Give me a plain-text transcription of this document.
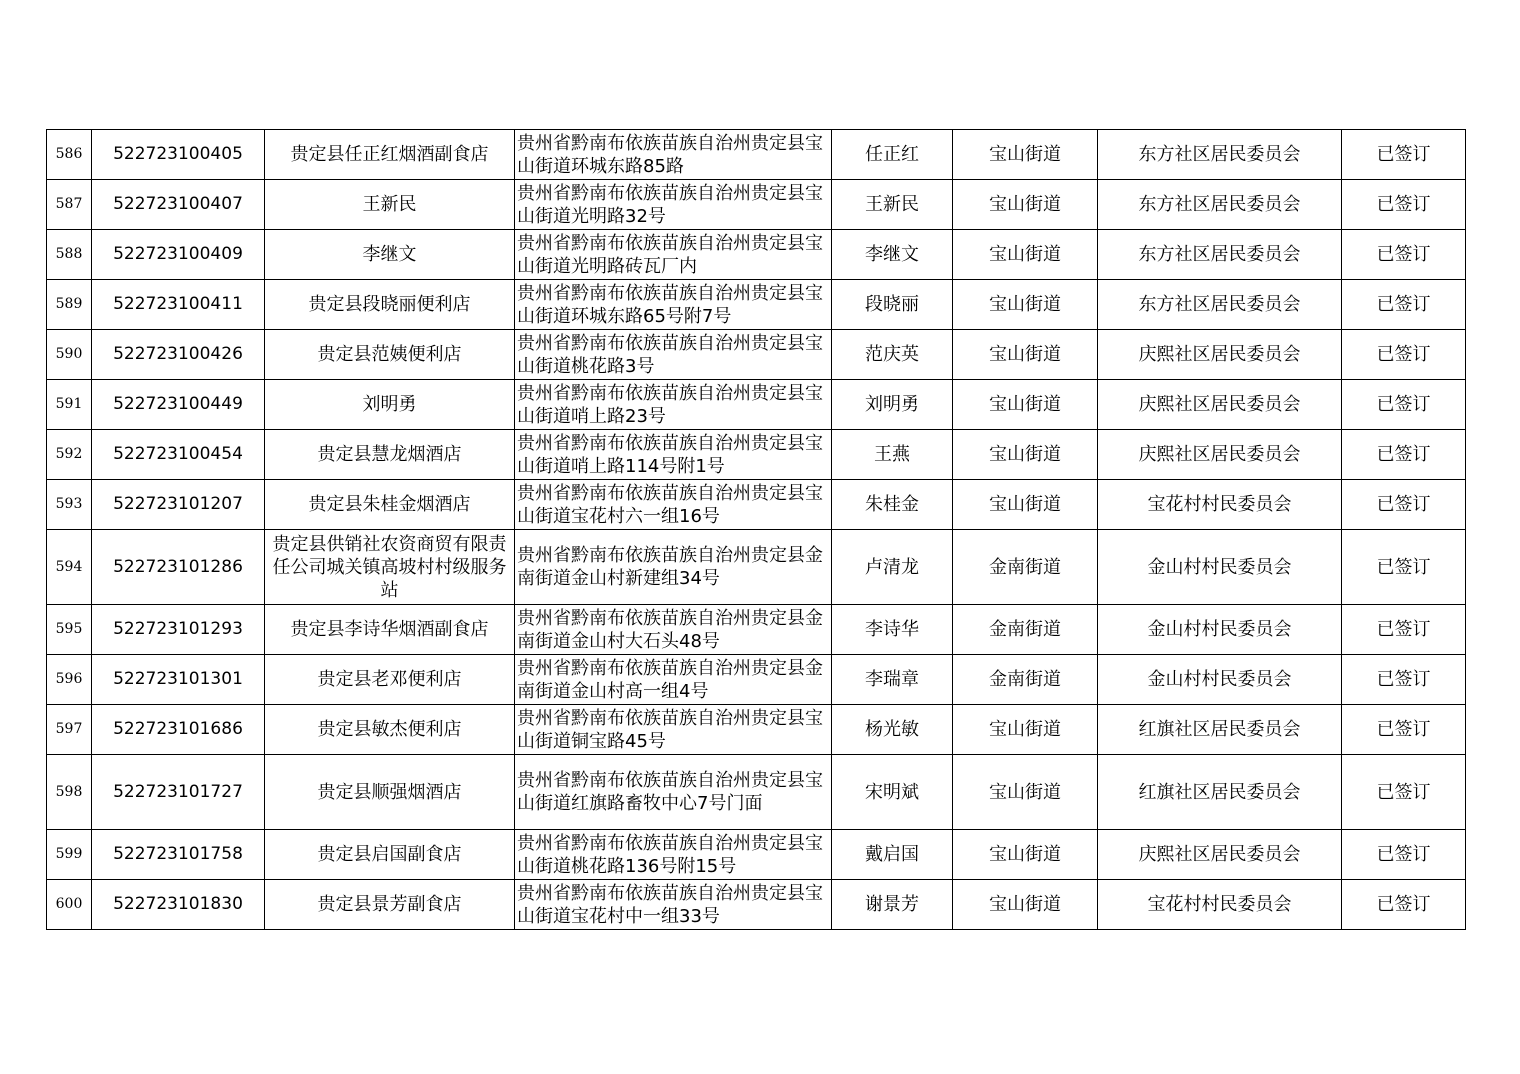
586	522723100405	贵定县任正红烟酒副食店	贵州省黔南布依族苗族自治州贵定县宝山街道环城东路85路	任正红	宝山街道	东方社区居民委员会	已签订
587	522723100407	王新民	贵州省黔南布依族苗族自治州贵定县宝山街道光明路32号	王新民	宝山街道	东方社区居民委员会	已签订
588	522723100409	李继文	贵州省黔南布依族苗族自治州贵定县宝山街道光明路砖瓦厂内	李继文	宝山街道	东方社区居民委员会	已签订
589	522723100411	贵定县段晓丽便利店	贵州省黔南布依族苗族自治州贵定县宝山街道环城东路65号附7号	段晓丽	宝山街道	东方社区居民委员会	已签订
590	522723100426	贵定县范姨便利店	贵州省黔南布依族苗族自治州贵定县宝山街道桃花路3号	范庆英	宝山街道	庆熙社区居民委员会	已签订
591	522723100449	刘明勇	贵州省黔南布依族苗族自治州贵定县宝山街道哨上路23号	刘明勇	宝山街道	庆熙社区居民委员会	已签订
592	522723100454	贵定县慧龙烟酒店	贵州省黔南布依族苗族自治州贵定县宝山街道哨上路114号附1号	王燕	宝山街道	庆熙社区居民委员会	已签订
593	522723101207	贵定县朱桂金烟酒店	贵州省黔南布依族苗族自治州贵定县宝山街道宝花村六一组16号	朱桂金	宝山街道	宝花村村民委员会	已签订
594	522723101286	贵定县供销社农资商贸有限责任公司城关镇高坡村村级服务站	贵州省黔南布依族苗族自治州贵定县金南街道金山村新建组34号	卢清龙	金南街道	金山村村民委员会	已签订
595	522723101293	贵定县李诗华烟酒副食店	贵州省黔南布依族苗族自治州贵定县金南街道金山村大石头48号	李诗华	金南街道	金山村村民委员会	已签订
596	522723101301	贵定县老邓便利店	贵州省黔南布依族苗族自治州贵定县金南街道金山村高一组4号	李瑞章	金南街道	金山村村民委员会	已签订
597	522723101686	贵定县敏杰便利店	贵州省黔南布依族苗族自治州贵定县宝山街道铜宝路45号	杨光敏	宝山街道	红旗社区居民委员会	已签订
598	522723101727	贵定县顺强烟酒店	贵州省黔南布依族苗族自治州贵定县宝山街道红旗路畜牧中心7号门面	宋明斌	宝山街道	红旗社区居民委员会	已签订
599	522723101758	贵定县启国副食店	贵州省黔南布依族苗族自治州贵定县宝山街道桃花路136号附15号	戴启国	宝山街道	庆熙社区居民委员会	已签订
600	522723101830	贵定县景芳副食店	贵州省黔南布依族苗族自治州贵定县宝山街道宝花村中一组33号	谢景芳	宝山街道	宝花村村民委员会	已签订
